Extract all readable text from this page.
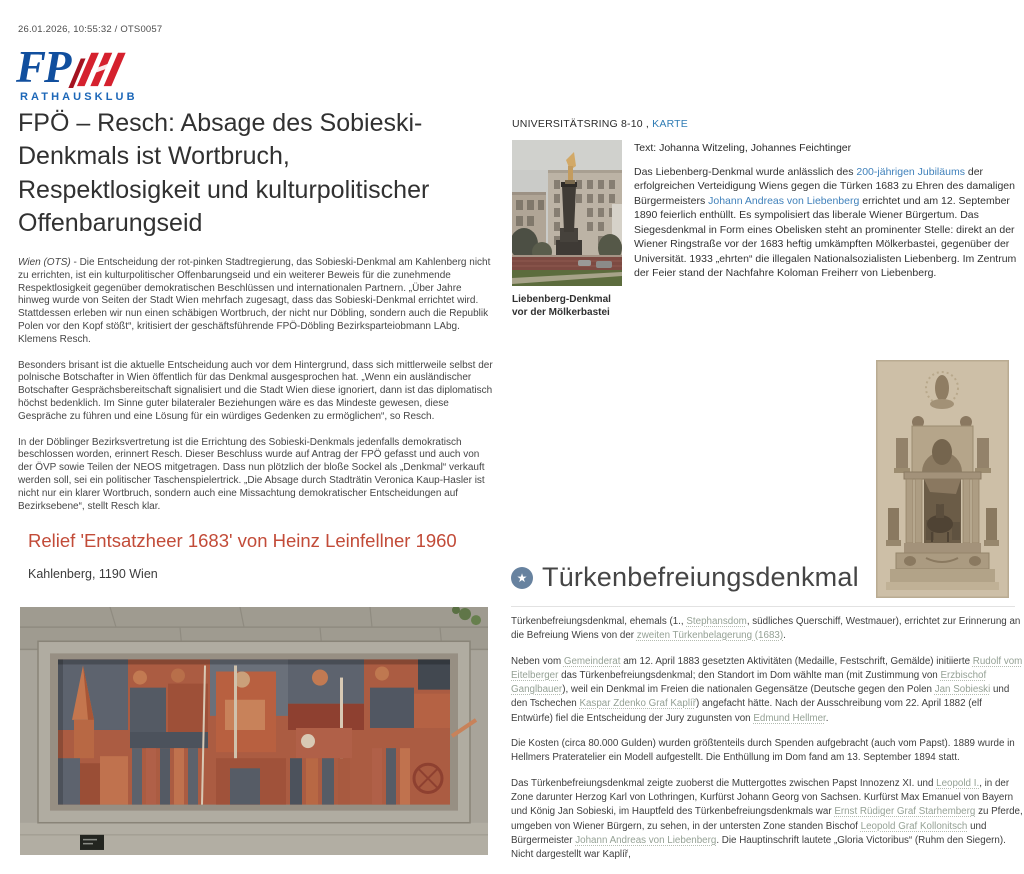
26.01.2026, 10:55:32 / OTS0057
FP
RATHAUSKLUB
FPÖ – Resch: Absage des Sobieski-Denkmals ist Wortbruch, Respektlosigkeit und kulturpolitischer Offenbarungseid

Wien (OTS) - Die Entscheidung der rot-pinken Stadtregierung, das Sobieski-Denkmal am Kahlenberg nicht zu errichten, ist ein kulturpolitischer Offenbarungseid und ein weiterer Beweis für die zunehmende Respektlosigkeit gegenüber demokratischen Beschlüssen und internationalen Partnern. „Über Jahre hinweg wurde von Seiten der Stadt Wien mehrfach zugesagt, dass das Sobieski-Denkmal errichtet wird. Stattdessen erleben wir nun einen schäbigen Wortbruch, der nicht nur Döbling, sondern auch die Republik Polen vor den Kopf stößt“, kritisiert der geschäftsführende FPÖ-Döbling Bezirksparteiobmann LAbg. Klemens Resch.

Besonders brisant ist die aktuelle Entscheidung auch vor dem Hintergrund, dass sich mittlerweile selbst der polnische Botschafter in Wien öffentlich für das Denkmal ausgesprochen hat. „Wenn ein ausländischer Botschafter Gesprächsbereitschaft signalisiert und die Stadt Wien diese ignoriert, dann ist das diplomatisch höchst bedenklich. Im Sinne guter bilateraler Beziehungen wäre es das Mindeste gewesen, diese Gespräche zu führen und eine Lösung für ein würdiges Gedenken zu ermöglichen“, so Resch.

In der Döblinger Bezirksvertretung ist die Errichtung des Sobieski-Denkmals jedenfalls demokratisch beschlossen worden, erinnert Resch. Dieser Beschluss wurde auf Antrag der FPÖ gefasst und auch von der ÖVP sowie Teilen der NEOS mitgetragen. Dass nun plötzlich der bloße Sockel als „Denkmal“ verkauft werden soll, sei ein politischer Taschenspielertrick. „Die Absage durch Stadträtin Veronica Kaup-Hasler ist nicht nur ein klarer Wortbruch, sondern auch eine Missachtung demokratischer Entscheidungen auf Bezirksebene“, stellt Resch klar.

Relief 'Entsatzheer 1683' von Heinz Leinfellner 1960
Kahlenberg, 1190 Wien
UNIVERSITÄTSRING 8-10 , KARTE
Liebenberg-Denkmal
vor der Mölkerbastei

Text: Johanna Witzeling, Johannes Feichtinger

Das Liebenberg-Denkmal wurde anlässlich des 200-jährigen Jubiläums der erfolgreichen Verteidigung Wiens gegen die Türken 1683 zu Ehren des damaligen Bürgermeisters Johann Andreas von Liebenberg errichtet und am 12. September 1890 feierlich enthüllt. Es sympolisiert das liberale Wiener Bürgertum. Das Siegesdenkmal in Form eines Obelisken steht an prominenter Stelle: direkt an der Wiener Ringstraße vor der 1683 heftig umkämpften Mölkerbastei, gegenüber der Universität. 1933 „ehrten“ die illegalen Nationalsozialisten Liebenberg. Im Zentrum der Feier stand der Nachfahre Koloman Freiherr von Liebenberg.

★ Türkenbefreiungsdenkmal

Türkenbefreiungsdenkmal, ehemals (1., Stephansdom, südliches Querschiff, Westmauer), errichtet zur Erinnerung an die Befreiung Wiens von der zweiten Türkenbelagerung (1683).

Neben vom Gemeinderat am 12. April 1883 gesetzten Aktivitäten (Medaille, Festschrift, Gemälde) initiierte Rudolf vom Eitelberger das Türkenbefreiungsdenkmal; den Standort im Dom wählte man (mit Zustimmung von Erzbischof Ganglbauer), weil ein Denkmal im Freien die nationalen Gegensätze (Deutsche gegen den Polen Jan Sobieski und den Tschechen Kaspar Zdenko Graf Kaplíř) angefacht hätte. Nach der Ausschreibung vom 22. April 1882 (elf Entwürfe) fiel die Entscheidung der Jury zugunsten von Edmund Hellmer.

Die Kosten (circa 80.000 Gulden) wurden größtenteils durch Spenden aufgebracht (auch vom Papst). 1889 wurde in Hellmers Prateratelier ein Modell aufgestellt. Die Enthüllung im Dom fand am 13. September 1894 statt.

Das Türkenbefreiungsdenkmal zeigte zuoberst die Muttergottes zwischen Papst Innozenz XI. und Leopold I., in der Zone darunter Herzog Karl von Lothringen, Kurfürst Johann Georg von Sachsen. Kurfürst Max Emanuel von Bayern und König Jan Sobieski, im Hauptfeld des Türkenbefreiungsdenkmals war Ernst Rüdiger Graf Starhemberg zu Pferde, umgeben von Wiener Bürgern, zu sehen, in der untersten Zone standen Bischof Leopold Graf Kollonitsch und Bürgermeister Johann Andreas von Liebenberg. Die Hauptinschrift lautete „Gloria Victoribus“ (Ruhm den Siegern). Nicht dargestellt war Kaplíř,
